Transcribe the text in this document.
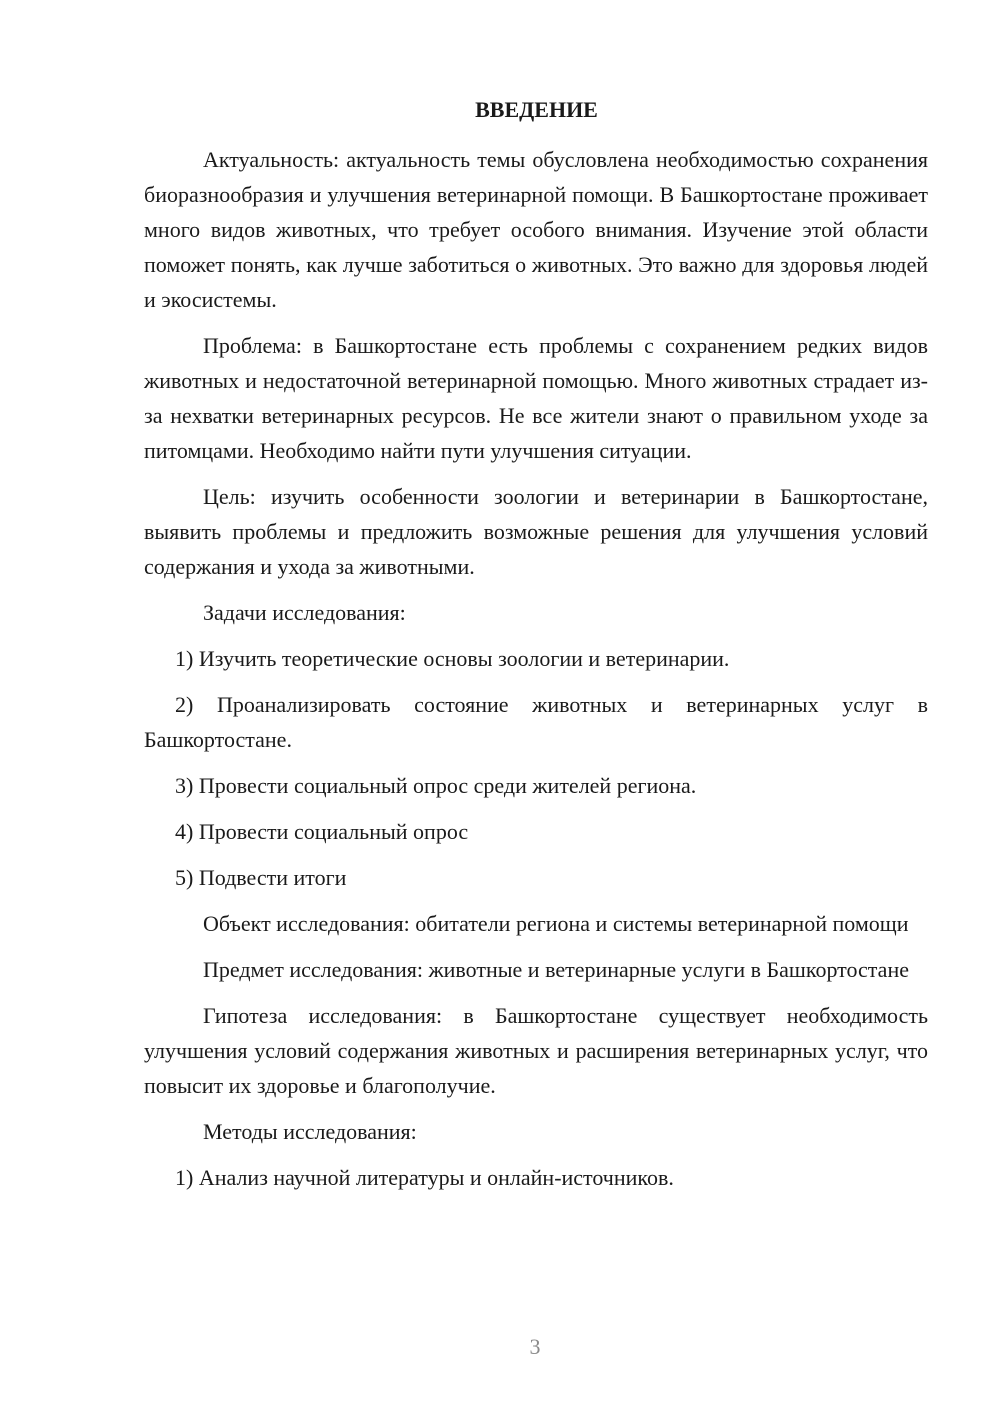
ВВЕДЕНИЕ

Актуальность: актуальность темы обусловлена необходимостью сохранения биоразнообразия и улучшения ветеринарной помощи. В Башкортостане проживает много видов животных, что требует особого внимания. Изучение этой области поможет понять, как лучше заботиться о животных. Это важно для здоровья людей и экосистемы.

Проблема: в Башкортостане есть проблемы с сохранением редких видов животных и недостаточной ветеринарной помощью. Много животных страдает из-за нехватки ветеринарных ресурсов. Не все жители знают о правильном уходе за питомцами. Необходимо найти пути улучшения ситуации.

Цель: изучить особенности зоологии и ветеринарии в Башкортостане, выявить проблемы и предложить возможные решения для улучшения условий содержания и ухода за животными.

Задачи исследования:

1) Изучить теоретические основы зоологии и ветеринарии.

2) Проанализировать состояние животных и ветеринарных услуг в Башкортостане.

3) Провести социальный опрос среди жителей региона.

4) Провести социальный опрос

5) Подвести итоги

Объект исследования: обитатели региона и системы ветеринарной помощи

Предмет исследования: животные и ветеринарные услуги в Башкортостане

Гипотеза исследования: в Башкортостане существует необходимость улучшения условий содержания животных и расширения ветеринарных услуг, что повысит их здоровье и благополучие.

Методы исследования:

1) Анализ научной литературы и онлайн-источников.

3
